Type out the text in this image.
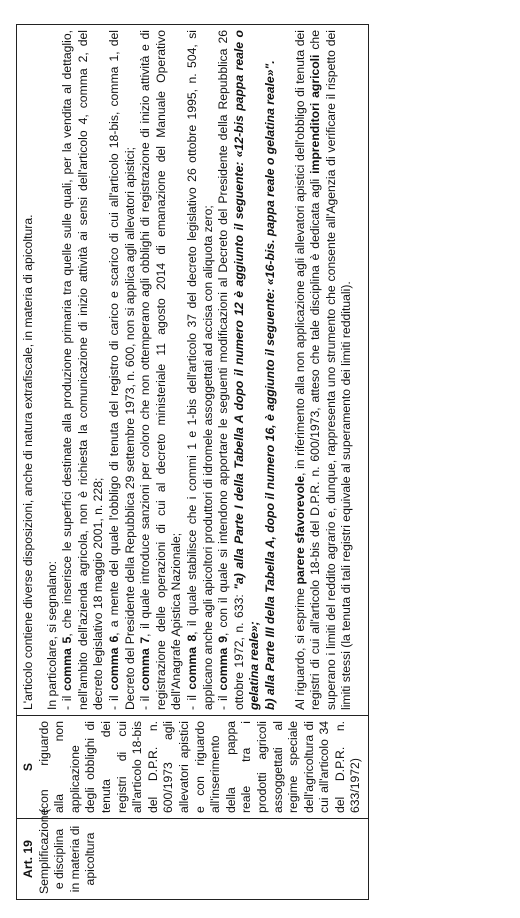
Art. 19 Semplificazione e disciplina in materia di apicoltura	
S (con riguardo alla non applicazione degli obblighi di tenuta dei registri di cui all'articolo 18-bis del D.P.R. n. 600/1973 agli allevatori apistici e con riguardo all'inserimento della pappa reale tra i prodotti agricoli assoggettati al regime speciale dell'agricoltura di cui all'articolo 34 del D.P.R. n. 633/1972)	

L'articolo contiene diverse disposizioni, anche di natura extrafiscale, in materia di apicoltura. In particolare, si segnalano: - il comma 5, che inserisce le superfici destinate alla produzione primaria tra quelle sulle quali, per la vendita al dettaglio, nell'ambito dell'azienda agricola, non è richiesta la comunicazione di inizio attività ai sensi dell'articolo 4, comma 2, del decreto legislativo 18 maggio 2001, n. 228; - il comma 6, a mente del quale l'obbligo di tenuta del registro di carico e scarico di cui all'articolo 18-bis, comma 1, del Decreto del Presidente della Repubblica 29 settembre 1973, n. 600, non si applica agli allevatori apistici; - il comma 7, il quale introduce sanzioni per coloro che non ottemperano agli obblighi di registrazione di inizio attività e di registrazione delle operazioni di cui al decreto ministeriale 11 agosto 2014 di emanazione del Manuale Operativo dell'Anagrafe Apistica Nazionale; - il comma 8, il quale stabilisce che i commi 1 e 1-bis dell'articolo 37 del decreto legislativo 26 ottobre 1995, n. 504, si applicano anche agli apicoltori produttori di idromele assoggettati ad accisa con aliquota zero; - il comma 9, con il quale si intendono apportare le seguenti modificazioni al Decreto del Presidente della Repubblica 26 ottobre 1972, n. 633: "a) alla Parte I della Tabella A dopo il numero 12 è aggiunto il seguente: «12-bis pappa reale o gelatina reale»; b) alla Parte III della Tabella A, dopo il numero 16, è aggiunto il seguente: «16-bis. pappa reale o gelatina reale»". Al riguardo, si esprime parere sfavorevole, in riferimento alla non applicazione agli allevatori apistici dell'obbligo di tenuta dei registri di cui all'articolo 18-bis del D.P.R. n. 600/1973, atteso che tale disciplina è dedicata agli imprenditori agricoli che superano i limiti del reddito agrario e, dunque, rappresenta uno strumento che consente all'Agenzia di verificare il rispetto dei limiti stessi (la tenuta di tali registri equivale al superamento dei limiti reddituali).
